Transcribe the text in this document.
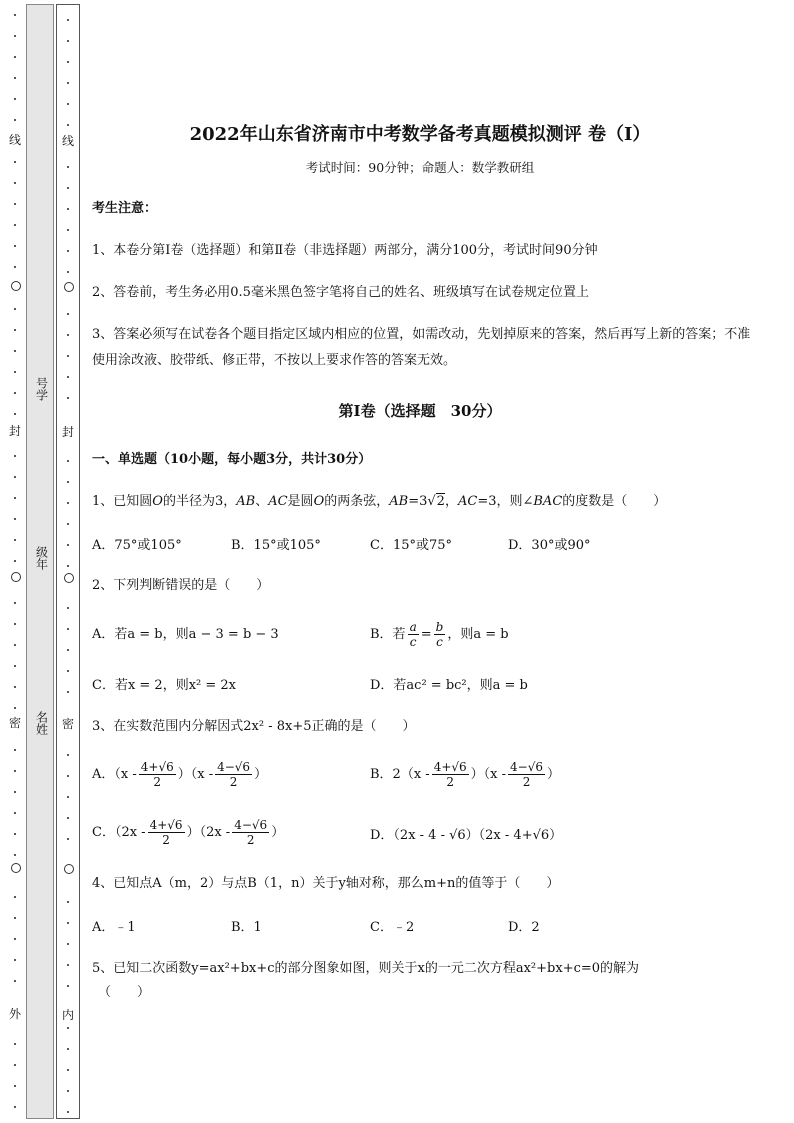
线
封
密
外
号学
级年
名姓
线
封
密
内
2022年山东省济南市中考数学备考真题模拟测评 卷（Ⅰ）
考试时间：90分钟；命题人：数学教研组
考生注意：
1、本卷分第Ⅰ卷（选择题）和第Ⅱ卷（非选择题）两部分，满分100分，考试时间90分钟
2、答卷前，考生务必用0.5毫米黑色签字笔将自己的姓名、班级填写在试卷规定位置上
3、答案必须写在试卷各个题目指定区域内相应的位置，如需改动，先划掉原来的答案，然后再写上新的答案；不准使用涂改液、胶带纸、修正带，不按以上要求作答的答案无效。
第Ⅰ卷（选择题　30分）
一、单选题（10小题，每小题3分，共计30分）
1、已知圆O的半径为3，AB、AC是圆O的两条弦，AB=3√2，AC=3，则∠BAC的度数是（　　）
A．75°或105°	B．15°或105°	C．15°或75°	D．30°或90°
2、下列判断错误的是（　　）
A．若a = b，则a − 3 = b − 3	B．若 $\frac{a}{c} = \frac{b}{c}$ ，则a = b
C．若x = 2，则x² = 2x	D．若ac² = bc²，则a = b
3、在实数范围内分解因式2x² - 8x+5正确的是（　　）
A．$(x - \frac{4+√6}{2} )(x - \frac{4-√6}{2}$ ）	B．$2(x - \frac{4+√6}{2} )(x - \frac{4-√6}{2}$ ）
C．$(2x - \frac{4+√6}{2} )(2x - \frac{4-√6}{2}$ ）	D．（2x - 4 - √6）（2x - 4+√6）
4、已知点A（m，2）与点B（1，n）关于y轴对称，那么m+n的值等于（　　）
A．﹣1	B．1	C．﹣2	D．2
5、已知二次函数y=ax²+bx+c的部分图象如图，则关于x的一元二次方程ax²+bx+c=0的解为
（　　）
